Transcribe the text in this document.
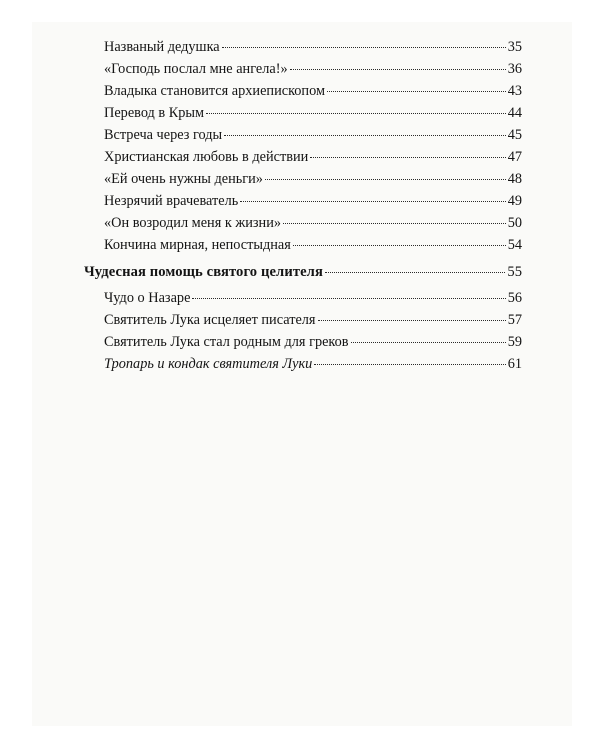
Названый дедушка	35
«Господь послал мне ангела!»	36
Владыка становится архиепископом	43
Перевод в Крым	44
Встреча через годы	45
Христианская любовь в действии	47
«Ей очень нужны деньги»	48
Незрячий врачеватель	49
«Он возродил меня к жизни»	50
Кончина мирная, непостыдная	54
Чудесная помощь святого целителя	55
Чудо о Назаре	56
Святитель Лука исцеляет писателя	57
Святитель Лука стал родным для греков	59
Тропарь и кондак святителя Луки	61
